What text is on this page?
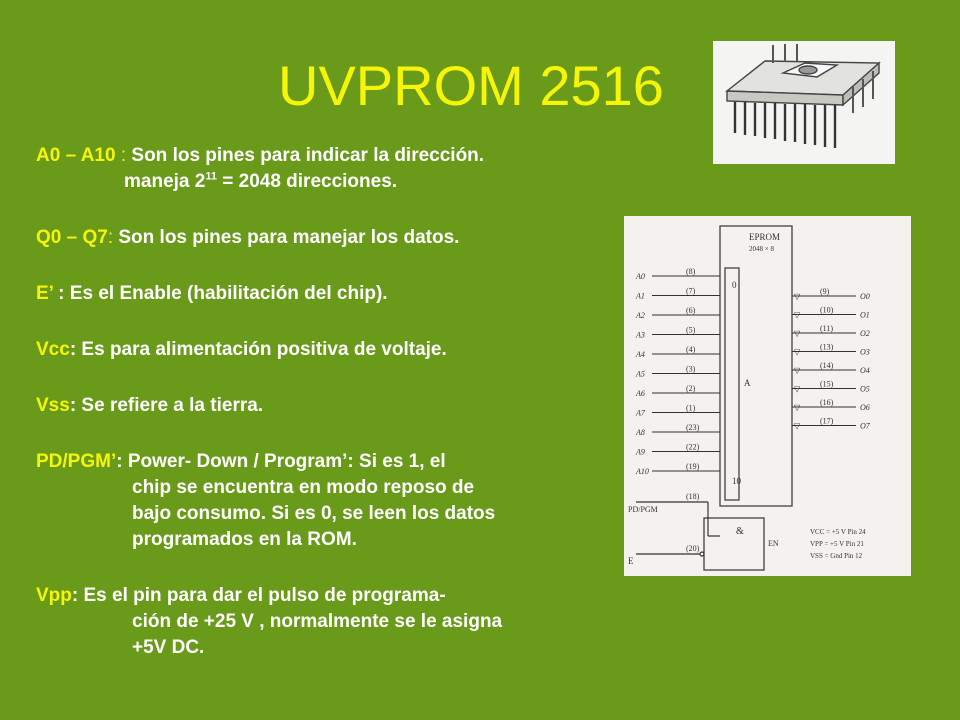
UVPROM 2516
(8)
A0
(7)
A1
(6)
A2
(5)
A3
(4)
A4
(3)
A5
(2)
A6
(1)
A7
(23)
A8
(22)
A9
(19)
A10
▽
(9)
O0
▽
(10)
O1
▽
(11)
O2
▽
(13)
O3
▽
(14)
O4
▽
(15)
O5
▽
(16)
O6
▽
(17)
O7
EPROM
2048 × 8
0
10
A
PD/PGM
(18)
E
(20)
&
EN
VCC = +5 V Pin 24
VPP = +5 V Pin 21
VSS = Gnd Pin 12
A0 – A10 : Son los pines para indicar la dirección.
maneja $2^{11} = 2048$ direcciones.
Q0 – Q7: Son los pines para manejar los datos.
E’ : Es el Enable (habilitación del chip).
Vcc: Es para alimentación positiva de voltaje.
Vss: Se refiere a la tierra.
PD/PGM’: Power- Down / Program’: Si es 1, el
chip se encuentra en modo reposo de
bajo consumo. Si es 0, se leen los datos
programados en la ROM.
Vpp: Es el pin para dar el pulso de programa-
ción de +25 V , normalmente se le asigna
+5V DC.
